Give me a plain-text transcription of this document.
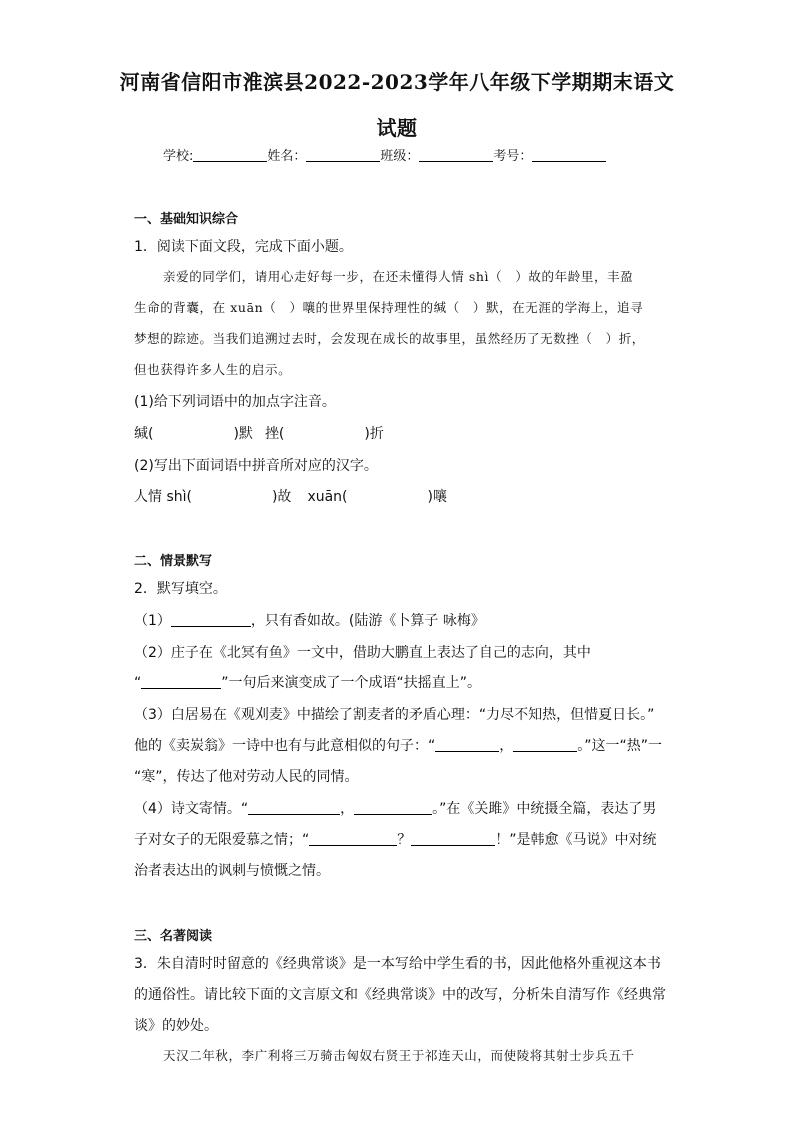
河南省信阳市淮滨县2022-2023学年八年级下学期期末语文
试题
学校:	姓名：	班级：	考号：
一、基础知识综合
1．阅读下面文段，完成下面小题。
亲爱的同学们，请用心走好每一步，在还未懂得人情 shì（　）故的年龄里，丰盈
生命的背囊，在 xuān（　）嚷的世界里保持理性的缄（　）默，在无涯的学海上，追寻
梦想的踪迹。当我们追溯过去时，会发现在成长的故事里，虽然经历了无数挫（　）折，
但也获得许多人生的启示。
(1)给下列词语中的加点字注音。
缄(	)默 挫(	)折
(2)写出下面词语中拼音所对应的汉字。
人情 shì(	)故 xuān(	)嚷
二、情景默写
2．默写填空。
（1）	，只有香如故。(陆游《卜算子 咏梅》
（2）庄子在《北冥有鱼》一文中，借助大鹏直上表达了自己的志向，其中
“	”一句后来演变成了一个成语“扶摇直上”。
（3）白居易在《观刈麦》中描绘了割麦者的矛盾心理：“力尽不知热，但惜夏日长。”
他的《卖炭翁》一诗中也有与此意相似的句子：“	，	。”这一“热”一
“寒”，传达了他对劳动人民的同情。
（4）诗文寄情。“	，	。”在《关雎》中统摄全篇，表达了男
子对女子的无限爱慕之情；“	？	！”是韩愈《马说》中对统
治者表达出的讽刺与愤慨之情。
三、名著阅读
3．朱自清时时留意的《经典常谈》是一本写给中学生看的书，因此他格外重视这本书
的通俗性。请比较下面的文言原文和《经典常谈》中的改写，分析朱自清写作《经典常
谈》的妙处。
天汉二年秋，李广利将三万骑击匈奴右贤王于祁连天山，而使陵将其射士步兵五千
